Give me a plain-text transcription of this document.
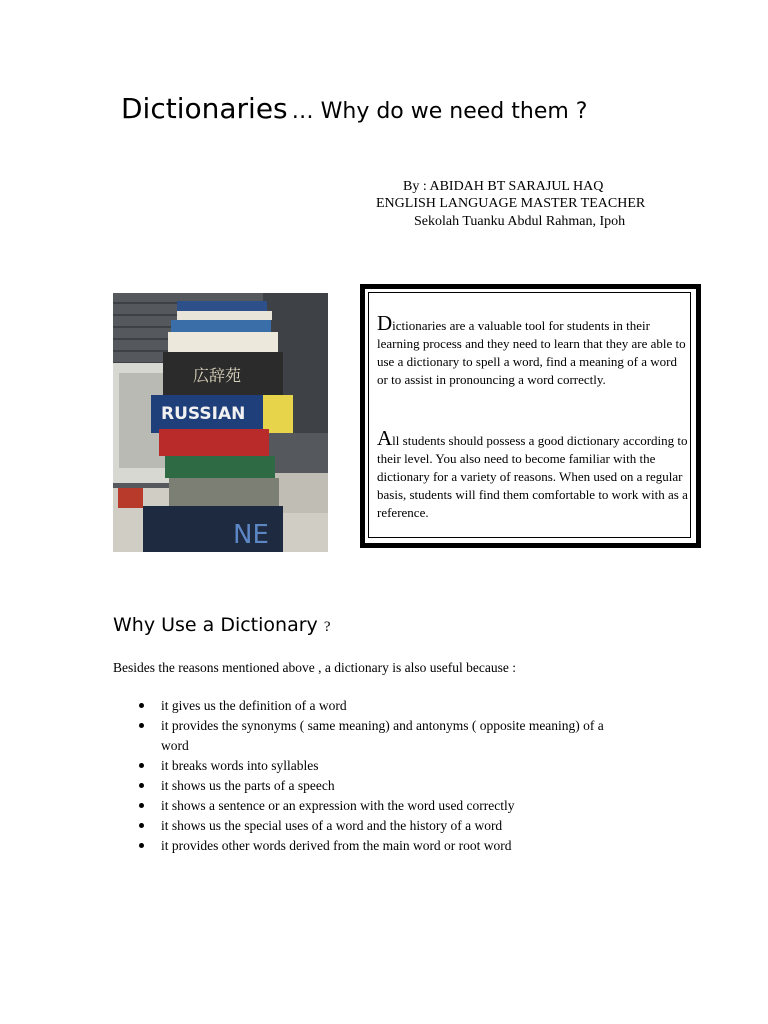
Dictionaries … Why do we need them ?
By : ABIDAH BT SARAJUL HAQ
ENGLISH LANGUAGE MASTER TEACHER
Sekolah Tuanku Abdul Rahman, Ipoh
広辞苑
RUSSIAN
NE
Dictionaries are a valuable tool for students in their learning process and they need to learn that they are able to use a dictionary to spell a word, find a meaning of a word or to assist in pronouncing a word correctly.
All students should possess a good dictionary according to their level. You also need to become familiar with the dictionary for a variety of reasons. When used on a regular basis, students will find them comfortable to work with as a reference.
Why Use a Dictionary ?
Besides the reasons mentioned above , a dictionary is also useful because :
it gives us the definition of a word
it provides the synonyms ( same meaning) and antonyms ( opposite meaning) of a word
it breaks words into syllables
it shows us the parts of a speech
it shows a sentence or an expression with the word used correctly
it shows us the special uses of a word and the history of a word
it provides other words derived from the main word or root word
